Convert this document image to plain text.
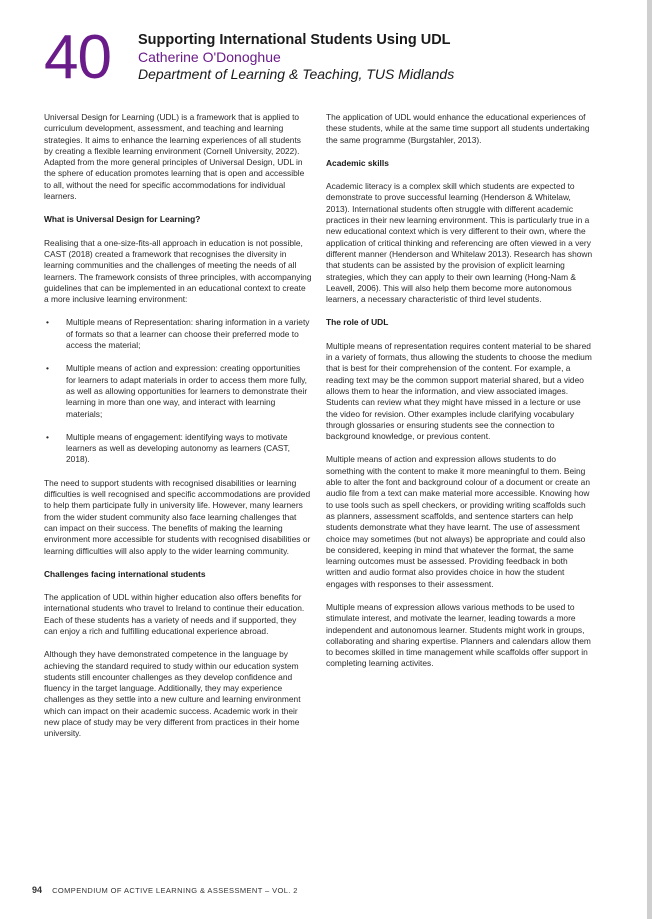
40 Supporting International Students Using UDL
Catherine O'Donoghue
Department of Learning & Teaching, TUS Midlands

Universal Design for Learning (UDL) is a framework that is applied to curriculum development, assessment, and teaching and learning strategies. It aims to enhance the learning experiences of all students by creating a flexible learning environment (Cornell University, 2022). Adapted from the more general principles of Universal Design, UDL in the sphere of education promotes learning that is open and accessible to all, without the need for specific accommodations for individual learners.

What is Universal Design for Learning?

Realising that a one-size-fits-all approach in education is not possible, CAST (2018) created a framework that recognises the diversity in learning communities and the challenges of meeting the needs of all learners. The framework consists of three principles, with accompanying guidelines that can be implemented in an educational context to create a more inclusive learning environment:

• Multiple means of Representation: sharing information in a variety of formats so that a learner can choose their preferred mode to access the material;
• Multiple means of action and expression: creating opportunities for learners to adapt materials in order to access them more fully, as well as allowing opportunities for learners to demonstrate their learning in more than one way, and interact with learning materials;
• Multiple means of engagement: identifying ways to motivate learners as well as developing autonomy as learners (CAST, 2018).

The need to support students with recognised disabilities or learning difficulties is well recognised and specific accommodations are provided to help them participate fully in university life. However, many learners from the wider student community also face learning challenges that can impact on their success. The benefits of making the learning environment more accessible for students with recognised disabilities or learning difficulties will also apply to the wider learning community.

Challenges facing international students

The application of UDL within higher education also offers benefits for international students who travel to Ireland to continue their education. Each of these students has a variety of needs and if supported, they can enjoy a rich and fulfilling educational experience abroad.

Although they have demonstrated competence in the language by achieving the standard required to study within our education system students still encounter challenges as they develop confidence and fluency in the target language. Additionally, they may experience challenges as they settle into a new culture and learning environment which can impact on their academic success. Academic work in their new place of study may be very different from practices in their home university.

The application of UDL would enhance the educational experiences of these students, while at the same time support all students undertaking the same programme (Burgstahler, 2013).

Academic skills

Academic literacy is a complex skill which students are expected to demonstrate to prove successful learning (Henderson & Whitelaw, 2013). International students often struggle with different academic practices in their new learning environment. This is particularly true in a new educational context which is very different to their own, where the application of critical thinking and referencing are often viewed in a very different manner (Henderson and Whitelaw 2013). Research has shown that students can be assisted by the provision of explicit learning strategies, which they can apply to their own learning (Hong-Nam & Leavell, 2006). This will also help them become more autonomous learners, a necessary characteristic of third level students.

The role of UDL

Multiple means of representation requires content material to be shared in a variety of formats, thus allowing the students to choose the medium that is best for their comprehension of the content. For example, a reading text may be the common support material shared, but a video allows them to hear the information, and view associated images. Students can review what they might have missed in a lecture or use the video for revision. Other examples include clarifying vocabulary through glossaries or ensuring students see the connection to background knowledge, or previous content.

Multiple means of action and expression allows students to do something with the content to make it more meaningful to them. Being able to alter the font and background colour of a document or create an audio file from a text can make material more accessible. Knowing how to use tools such as spell checkers, or providing writing scaffolds such as planners, assessment scaffolds, and sentence starters can help students demonstrate what they have learnt. The use of assessment choice may sometimes (but not always) be appropriate and could also be considered, keeping in mind that whatever the format, the same learning outcomes must be assessed. Providing feedback in both written and audio format also provides choice in how the student engages with responses to their assessment.

Multiple means of expression allows various methods to be used to stimulate interest, and motivate the learner, leading towards a more independent and autonomous learner. Students might work in groups, collaborating and sharing expertise. Planners and calendars allow them to becomes skilled in time management while scaffolds offer support in completing learning activites.

94 COMPENDIUM OF ACTIVE LEARNING & ASSESSMENT – VOL. 2
